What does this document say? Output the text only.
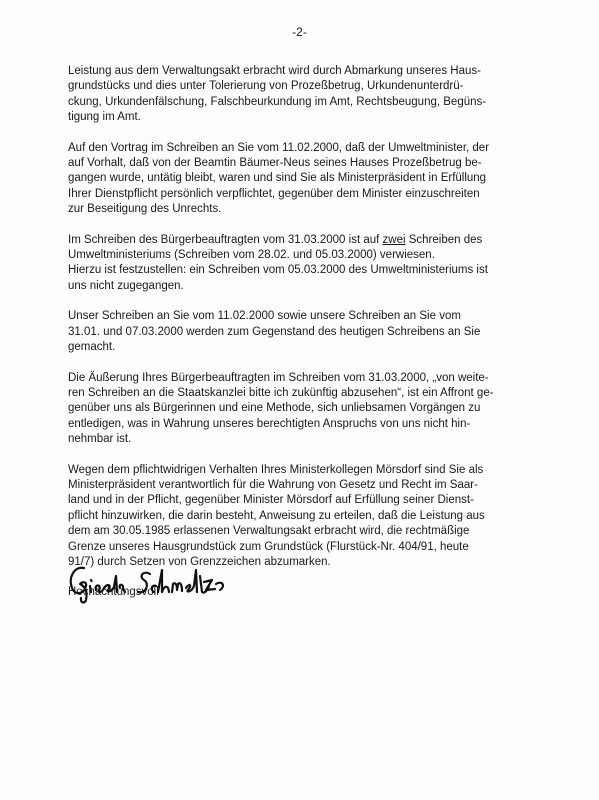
-2-

Leistung aus dem Verwaltungsakt erbracht wird durch Abmarkung unseres Haus-
grundstücks und dies unter Tolerierung von Prozeßbetrug, Urkundenunterdrü-
ckung, Urkundenfälschung, Falschbeurkundung im Amt, Rechtsbeugung, Begüns-
tigung im Amt.

Auf den Vortrag im Schreiben an Sie vom 11.02.2000, daß der Umweltminister, der
auf Vorhalt, daß von der Beamtin Bäumer-Neus seines Hauses Prozeßbetrug be-
gangen wurde, untätig bleibt, waren und sind Sie als Ministerpräsident in Erfüllung
Ihrer Dienstpflicht persönlich verpflichtet, gegenüber dem Minister einzuschreiten
zur Beseitigung des Unrechts.

Im Schreiben des Bürgerbeauftragten vom 31.03.2000 ist auf zwei Schreiben des
Umweltministeriums (Schreiben vom 28.02. und 05.03.2000) verwiesen.
Hierzu ist festzustellen: ein Schreiben vom 05.03.2000 des Umweltministeriums ist
uns nicht zugegangen.

Unser Schreiben an Sie vom 11.02.2000 sowie unsere Schreiben an Sie vom
31.01. und 07.03.2000 werden zum Gegenstand des heutigen Schreibens an Sie
gemacht.

Die Äußerung Ihres Bürgerbeauftragten im Schreiben vom 31.03.2000, „von weite-
ren Schreiben an die Staatskanzlei bitte ich zukünftig abzusehen“, ist ein Affront ge-
genüber uns als Bürgerinnen und eine Methode, sich unliebsamen Vorgängen zu
entledigen, was in Wahrung unseres berechtigten Anspruchs von uns nicht hin-
nehmbar ist.

Wegen dem pflichtwidrigen Verhalten Ihres Ministerkollegen Mörsdorf sind Sie als
Ministerpräsident verantwortlich für die Wahrung von Gesetz und Recht im Saar-
land und in der Pflicht, gegenüber Minister Mörsdorf auf Erfüllung seiner Dienst-
pflicht hinzuwirken, die darin besteht, Anweisung zu erteilen, daß die Leistung aus
dem am 30.05.1985 erlassenen Verwaltungsakt erbracht wird, die rechtmäßige
Grenze unseres Hausgrundstück zum Grundstück (Flurstück-Nr. 404/91, heute
91/7) durch Setzen von Grenzzeichen abzumarken.

Hochachtungsvoll
